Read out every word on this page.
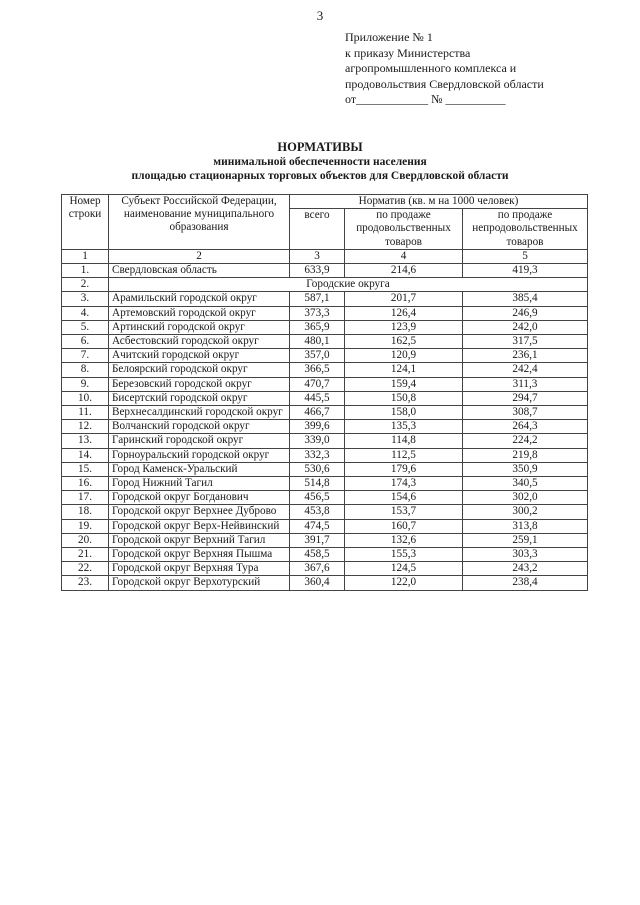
3
Приложение № 1
к приказу Министерства
агропромышленного комплекса и
продовольствия Свердловской области
от____________ № __________
НОРМАТИВЫ
минимальной обеспеченности населения
площадью стационарных торговых объектов для Свердловской области
Номер строки	Субъект Российской Федерации, наименование муниципального образования	Норматив (кв. м на 1000 человек)		
		всего	по продаже продовольственных товаров	по продаже непродовольственных товаров
1	2	3	4	5
1.	Свердловская область	633,9	214,6	419,3
2.	Городские округа			
3.	Арамильский городской округ	587,1	201,7	385,4
4.	Артемовский городской округ	373,3	126,4	246,9
5.	Артинский городской округ	365,9	123,9	242,0
6.	Асбестовский городской округ	480,1	162,5	317,5
7.	Ачитский городской округ	357,0	120,9	236,1
8.	Белоярский городской округ	366,5	124,1	242,4
9.	Березовский городской округ	470,7	159,4	311,3
10.	Бисертский городской округ	445,5	150,8	294,7
11.	Верхнесалдинский городской округ	466,7	158,0	308,7
12.	Волчанский городской округ	399,6	135,3	264,3
13.	Гаринский городской округ	339,0	114,8	224,2
14.	Горноуральский городской округ	332,3	112,5	219,8
15.	Город Каменск-Уральский	530,6	179,6	350,9
16.	Город Нижний Тагил	514,8	174,3	340,5
17.	Городской округ Богданович	456,5	154,6	302,0
18.	Городской округ Верхнее Дуброво	453,8	153,7	300,2
19.	Городской округ Верх-Нейвинский	474,5	160,7	313,8
20.	Городской округ Верхний Тагил	391,7	132,6	259,1
21.	Городской округ Верхняя Пышма	458,5	155,3	303,3
22.	Городской округ Верхняя Тура	367,6	124,5	243,2
23.	Городской округ Верхотурский	360,4	122,0	238,4
